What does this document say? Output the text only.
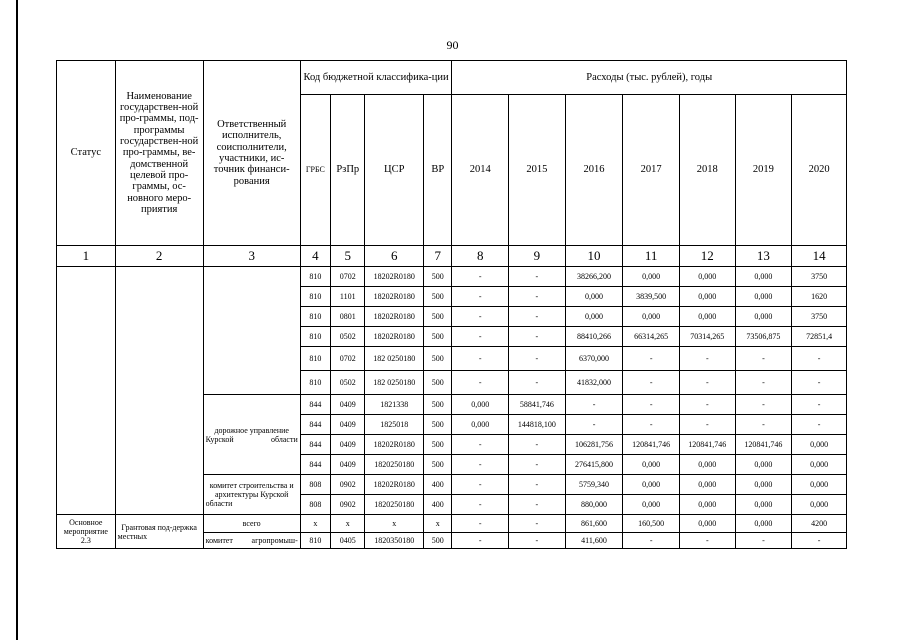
90
Статус	Наименование государствен-ной про-граммы, под-программы государствен-ной про-граммы, ве-домственной целевой про-граммы, ос-новного меро-приятия	Ответственный исполнитель, соисполнители, участники, ис-точник финанси-рования	Код бюджетной классифика-ции				Расходы (тыс. рублей), годы						
			ГРБС	РзПр	ЦСР	ВР	2014	2015	2016	2017	2018	2019	2020
1	2	3	4	5	6	7	8	9	10	11	12	13	14
			810	0702	18202R0180	500	-	-	38266,200	0,000	0,000	0,000	3750
			810	1101	18202R0180	500	-	-	0,000	3839,500	0,000	0,000	1620
			810	0801	18202R0180	500	-	-	0,000	0,000	0,000	0,000	3750
			810	0502	18202R0180	500	-	-	88410,266	66314,265	70314,265	73506,875	72851,4
			810	0702	182 0250180	500	-	-	6370,000	-	-	-	-
			810	0502	182 0250180	500	-	-	41832,000	-	-	-	-
		дорожное управление Курской области	844	0409	1821338	500	0,000	58841,746	-	-	-	-	-
			844	0409	1825018	500	0,000	144818,100	-	-	-	-	-
			844	0409	18202R0180	500	-	-	106281,756	120841,746	120841,746	120841,746	0,000
			844	0409	1820250180	500	-	-	276415,800	0,000	0,000	0,000	0,000
		комитет строительства и архитектуры Курской области	808	0902	18202R0180	400	-	-	5759,340	0,000	0,000	0,000	0,000
			808	0902	1820250180	400	-	-	880,000	0,000	0,000	0,000	0,000
Основное мероприятие 2.3	Грантовая под-держка местных	всего	x	x	x	x	-	-	861,600	160,500	0,000	0,000	4200
		комитет агропромыш-	810	0405	1820350180	500	-	-	411,600	-	-	-	-
